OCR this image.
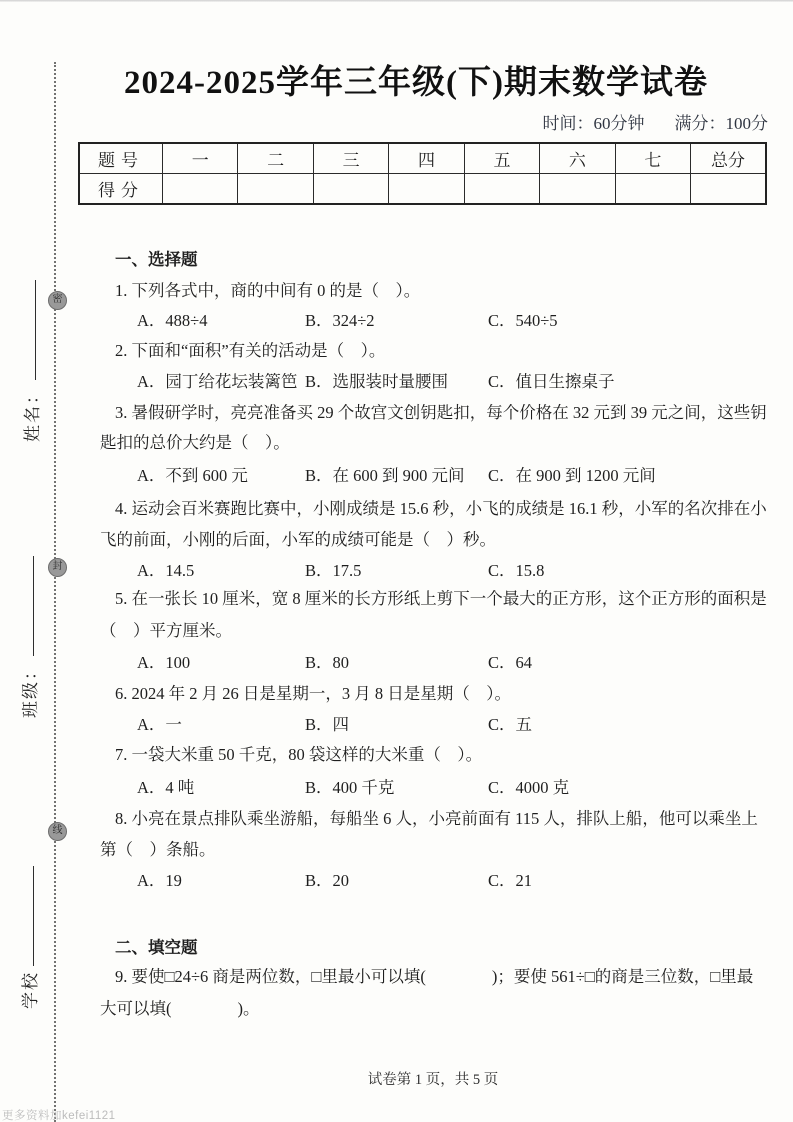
密
封
线
姓名：
班级：
学校
2024-2025学年三年级(下)期末数学试卷
时间：60分钟 满分：100分
题号	一	二	三	四	五	六	七	总分
得分								
一、选择题
1. 下列各式中，商的中间有 0 的是（　）。
A．488÷4	B．324÷2	C．540÷5
2. 下面和“面积”有关的活动是（　）。
A．园丁给花坛装篱笆 B．选服装时量腰围	C．值日生擦桌子
3. 暑假研学时，亮亮准备买 29 个故宫文创钥匙扣，每个价格在 32 元到 39 元之间，这些钥
匙扣的总价大约是（　）。
A．不到 600 元	B．在 600 到 900 元间	C．在 900 到 1200 元间
4. 运动会百米赛跑比赛中，小刚成绩是 15.6 秒，小飞的成绩是 16.1 秒，小军的名次排在小
飞的前面，小刚的后面，小军的成绩可能是（　）秒。
A．14.5	B．17.5	C．15.8
5. 在一张长 10 厘米，宽 8 厘米的长方形纸上剪下一个最大的正方形，这个正方形的面积是
（　）平方厘米。
A．100	B．80	C．64
6. 2024 年 2 月 26 日是星期一，3 月 8 日是星期（　）。
A．一	B．四	C．五
7. 一袋大米重 50 千克，80 袋这样的大米重（　）。
A．4 吨	B．400 千克	C．4000 克
8. 小亮在景点排队乘坐游船，每船坐 6 人，小亮前面有 115 人，排队上船，他可以乘坐上
第（　）条船。
A．19	B．20	C．21
二、填空题
9. 要使□24÷6 商是两位数，□里最小可以填(　　　　)；要使 561÷□的商是三位数，□里最
大可以填(　　　　)。
试卷第 1 页，共 5 页
更多资料加kefei1121
